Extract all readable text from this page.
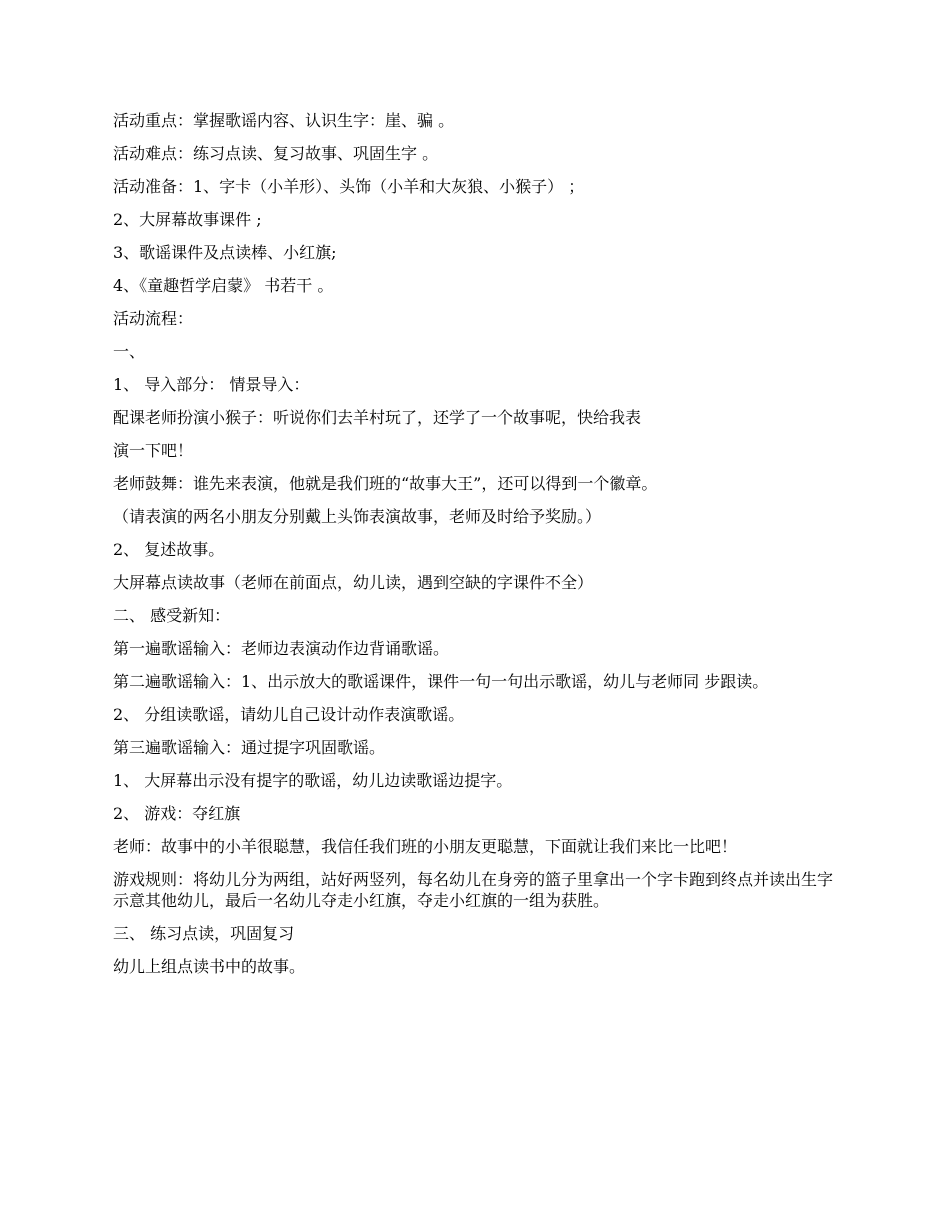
活动重点：掌握歌谣内容、认识生字：崖、骗 。

活动难点：练习点读、复习故事、巩固生字 。

活动准备：1、字卡（小羊形）、头饰（小羊和大灰狼、小猴子） ；

2、大屏幕故事课件 ;

3、歌谣课件及点读棒、小红旗;

4、《童趣哲学启蒙》 书若干 。

活动流程：

一、

1、 导入部分： 情景导入：

配课老师扮演小猴子：听说你们去羊村玩了，还学了一个故事呢，快给我表

演一下吧！

老师鼓舞：谁先来表演，他就是我们班的“故事大王”，还可以得到一个徽章。

（请表演的两名小朋友分别戴上头饰表演故事，老师及时给予奖励。）

2、 复述故事。

大屏幕点读故事（老师在前面点，幼儿读，遇到空缺的字课件不全）

二、 感受新知：

第一遍歌谣输入：老师边表演动作边背诵歌谣。

第二遍歌谣输入：1、出示放大的歌谣课件，课件一句一句出示歌谣，幼儿与老师同 步跟读。

2、 分组读歌谣，请幼儿自己设计动作表演歌谣。

第三遍歌谣输入：通过提字巩固歌谣。

1、 大屏幕出示没有提字的歌谣，幼儿边读歌谣边提字。

2、 游戏：夺红旗

老师：故事中的小羊很聪慧，我信任我们班的小朋友更聪慧，下面就让我们来比一比吧！

游戏规则：将幼儿分为两组，站好两竖列，每名幼儿在身旁的篮子里拿出一个字卡跑到终点并读出生字示意其他幼儿，最后一名幼儿夺走小红旗，夺走小红旗的一组为获胜。

三、 练习点读，巩固复习

幼儿上组点读书中的故事。
